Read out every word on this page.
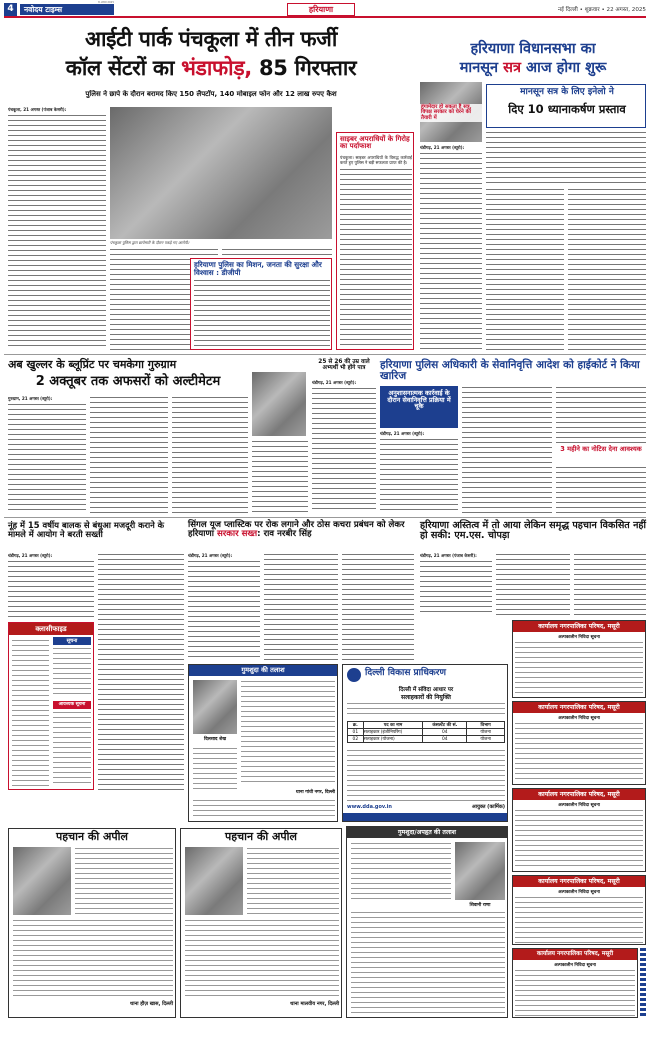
4	नवोदय टाइम्स
8 अगस्त 2025
हरियाणा	नई दिल्ली • शुक्रवार • 22 अगस्त, 2025
आईटी पार्क पंचकूला में तीन फर्जी
कॉल सेंटरों का भंडाफोड़, 85 गिरफ्तार
पुलिस ने छापे के दौरान बरामद किए 150 लैपटॉप, 140 मोबाइल फोन और 12 लाख रुपए कैश
पंचकूला, 21 अगस्त (पंजाब केसरी):
पंचकूला पुलिस द्वारा छापेमारी के दौरान पकड़े गए आरोपी।
हरियाणा पुलिस का मिशन, जनता की सुरक्षा और विश्वास : डीजीपी
साइबर अपराधियों के गिरोह का पर्दाफाश
पंचकूला। साइबर अपराधियों के विरुद्ध कार्रवाई करते हुए पुलिस ने बड़ी सफलता प्राप्त की है।
हरियाणा विधानसभा का
मानसून सत्र आज होगा शुरू
हंगामेदार हो सकता है सत्र, विपक्ष सरकार को घेरने की तैयारी में
मानसून सत्र के लिए इनेलो ने
दिए 10 ध्यानाकर्षण प्रस्ताव
चंडीगढ़, 21 अगस्त (ब्यूरो):
अब खुल्लर के ब्लूप्रिंट पर चमकेगा गुरुग्राम
2 अक्तूबर तक अफसरों को अल्टीमेटम
गुरुग्राम, 21 अगस्त (ब्यूरो):
25 से 26 की उम्र वाले अभ्यर्थी भी होंगे पात्र
चंडीगढ़, 21 अगस्त (ब्यूरो):
हरियाणा पुलिस अधिकारी के सेवानिवृत्ति आदेश को हाईकोर्ट ने किया खारिज
अनुशासनात्मक कार्रवाई के दौरान सेवानिवृत्ति प्रक्रिया में चूक
चंडीगढ़, 21 अगस्त (ब्यूरो):
3 महीने का नोटिस देना आवश्यक
नूंह में 15 वर्षीय बालक से बंधुआ मजदूरी कराने के मामले में आयोग ने बरती सख्ती
चंडीगढ़, 21 अगस्त (ब्यूरो):
क्लासीफाइड
सूचना
आवश्यक सूचना
सिंगल यूज प्लास्टिक पर रोक लगाने और ठोस कचरा प्रबंधन को लेकर हरियाणा सरकार सख्त: राव नरबीर सिंह
चंडीगढ़, 21 अगस्त (ब्यूरो):
हरियाणा अस्तित्व में तो आया लेकिन समृद्ध पहचान विकसित नहीं हो सकी: एम.एस. चोपड़ा
चंडीगढ़, 21 अगस्त (पंजाब केसरी):
दिल्ली विकास प्राधिकरण
दिल्ली में संविदा आधार पर
सलाहकारों की नियुक्ति
क्र.	पद का नाम	कंसल्टेंट की सं.	विभाग
01	सलाहकार (इंजीनियरिंग)	04	योजना
02	सलाहकार (योजना)	04	योजना
www.dda.gov.in	आयुक्त (कार्मिक)
गुमशुदा की तलाश
दिलशाद शेख
थाना गांधी नगर, दिल्ली
पहचान की अपील
थाना हौज़ खास, दिल्ली
पहचान की अपील
थाना मालवीय नगर, दिल्ली
गुमशुदा/अपहृत की तलाश
शिवानी राणा
कार्यालय नगरपालिका परिषद, मसूरी
अल्पकालीन निविदा सूचना
कार्यालय नगरपालिका परिषद, मसूरी
अल्पकालीन निविदा सूचना
कार्यालय नगरपालिका परिषद, मसूरी
अल्पकालीन निविदा सूचना
कार्यालय नगरपालिका परिषद, मसूरी
अल्पकालीन निविदा सूचना
कार्यालय नगरपालिका परिषद, मसूरी
अल्पकालीन निविदा सूचना
